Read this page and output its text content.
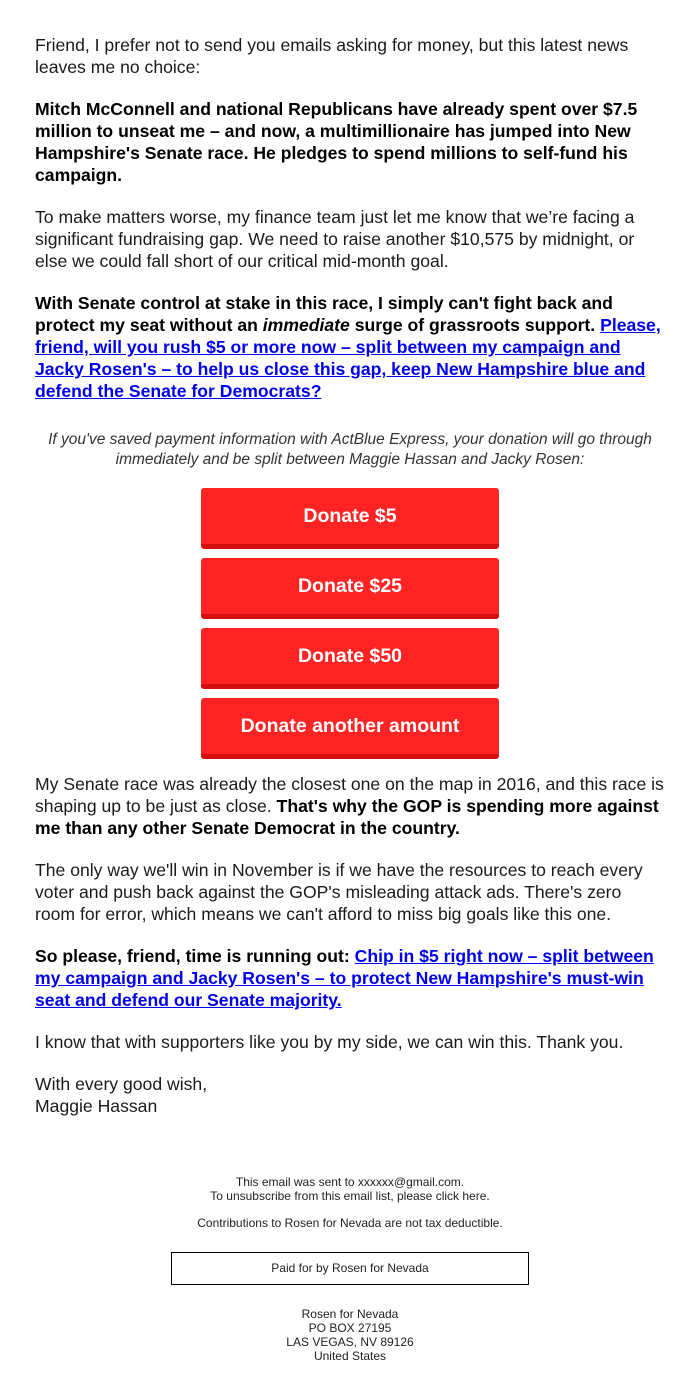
Friend, I prefer not to send you emails asking for money, but this latest news leaves me no choice:

Mitch McConnell and national Republicans have already spent over $7.5 million to unseat me – and now, a multimillionaire has jumped into New Hampshire's Senate race. He pledges to spend millions to self-fund his campaign.

To make matters worse, my finance team just let me know that we’re facing a significant fundraising gap. We need to raise another $10,575 by midnight, or else we could fall short of our critical mid-month goal.

With Senate control at stake in this race, I simply can't fight back and protect my seat without an immediate surge of grassroots support. Please, friend, will you rush $5 or more now – split between my campaign and Jacky Rosen's – to help us close this gap, keep New Hampshire blue and defend the Senate for Democrats?

If you've saved payment information with ActBlue Express, your donation will go through immediately and be split between Maggie Hassan and Jacky Rosen:

Donate $5
Donate $25
Donate $50
Donate another amount

My Senate race was already the closest one on the map in 2016, and this race is shaping up to be just as close. That's why the GOP is spending more against me than any other Senate Democrat in the country.

The only way we'll win in November is if we have the resources to reach every voter and push back against the GOP's misleading attack ads. There's zero room for error, which means we can't afford to miss big goals like this one.

So please, friend, time is running out: Chip in $5 right now – split between my campaign and Jacky Rosen's – to protect New Hampshire's must-win seat and defend our Senate majority.

I know that with supporters like you by my side, we can win this. Thank you.

With every good wish,
Maggie Hassan

This email was sent to xxxxxx@gmail.com.

To unsubscribe from this email list, please click here.

Contributions to Rosen for Nevada are not tax deductible.

Paid for by Rosen for Nevada

Rosen for Nevada

PO BOX 27195

LAS VEGAS, NV 89126

United States
